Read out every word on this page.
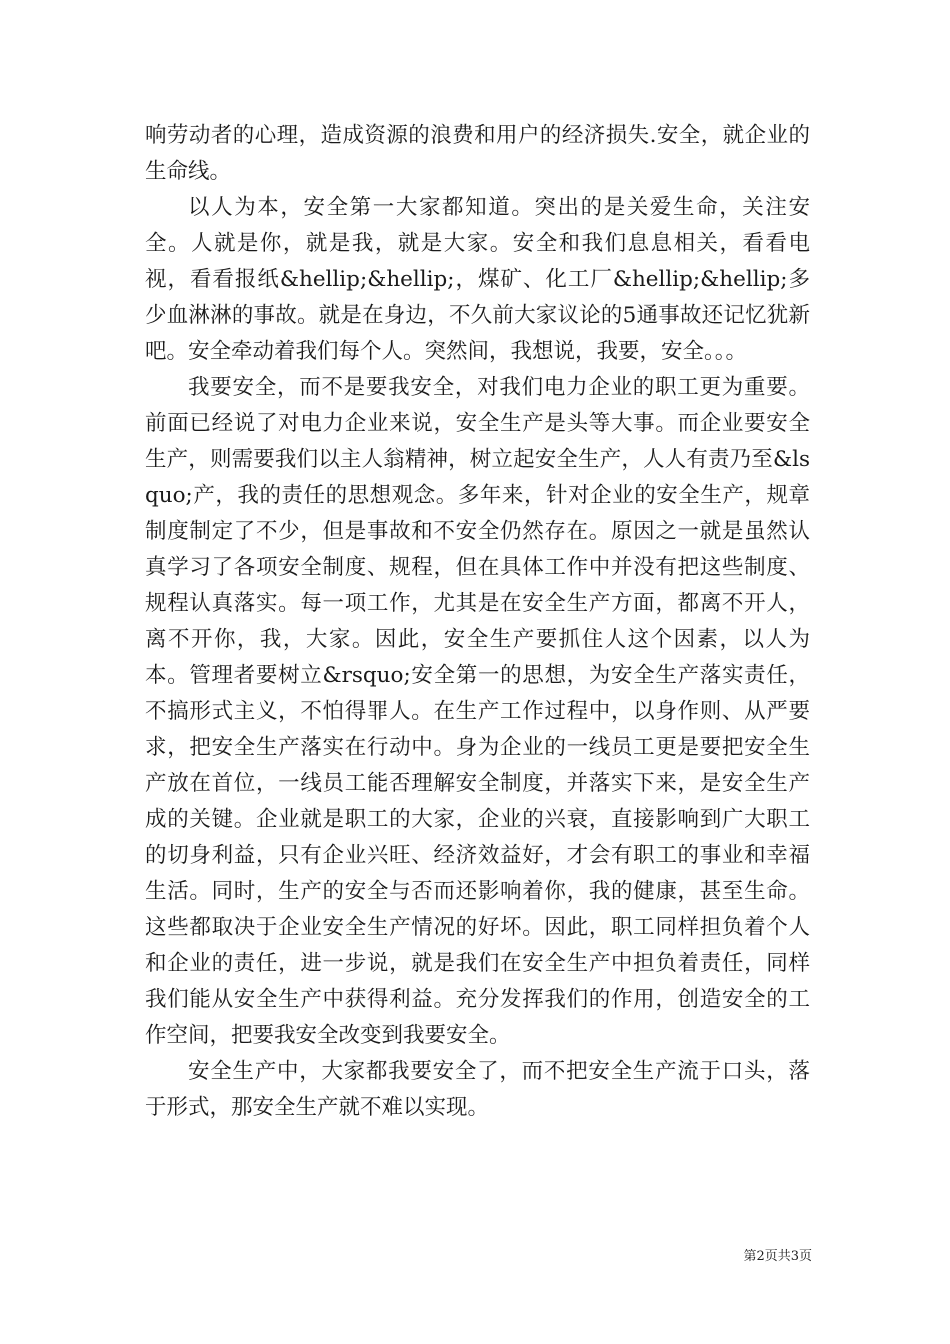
响劳动者的心理，造成资源的浪费和用户的经济损失.安全，就企业的生命线。

以人为本，安全第一大家都知道。突出的是关爱生命，关注安全。人就是你，就是我，就是大家。安全和我们息息相关，看看电视，看看报纸&hellip;&hellip;，煤矿、化工厂&hellip;&hellip;多少血淋淋的事故。就是在身边，不久前大家议论的5通事故还记忆犹新吧。安全牵动着我们每个人。突然间，我想说，我要，安全。。。

我要安全，而不是要我安全，对我们电力企业的职工更为重要。前面已经说了对电力企业来说，安全生产是头等大事。而企业要安全生产，则需要我们以主人翁精神，树立起安全生产，人人有责乃至&lsquo;产，我的责任的思想观念。多年来，针对企业的安全生产，规章制度制定了不少，但是事故和不安全仍然存在。原因之一就是虽然认真学习了各项安全制度、规程，但在具体工作中并没有把这些制度、规程认真落实。每一项工作，尤其是在安全生产方面，都离不开人，离不开你，我，大家。因此，安全生产要抓住人这个因素，以人为本。管理者要树立&rsquo;安全第一的思想，为安全生产落实责任，不搞形式主义，不怕得罪人。在生产工作过程中，以身作则、从严要求，把安全生产落实在行动中。身为企业的一线员工更是要把安全生产放在首位，一线员工能否理解安全制度，并落实下来，是安全生产成的关键。企业就是职工的大家，企业的兴衰，直接影响到广大职工的切身利益，只有企业兴旺、经济效益好，才会有职工的事业和幸福生活。同时，生产的安全与否而还影响着你，我的健康，甚至生命。这些都取决于企业安全生产情况的好坏。因此，职工同样担负着个人和企业的责任，进一步说，就是我们在安全生产中担负着责任，同样我们能从安全生产中获得利益。充分发挥我们的作用，创造安全的工作空间，把要我安全改变到我要安全。

安全生产中，大家都我要安全了，而不把安全生产流于口头，落于形式，那安全生产就不难以实现。

第2页共3页
